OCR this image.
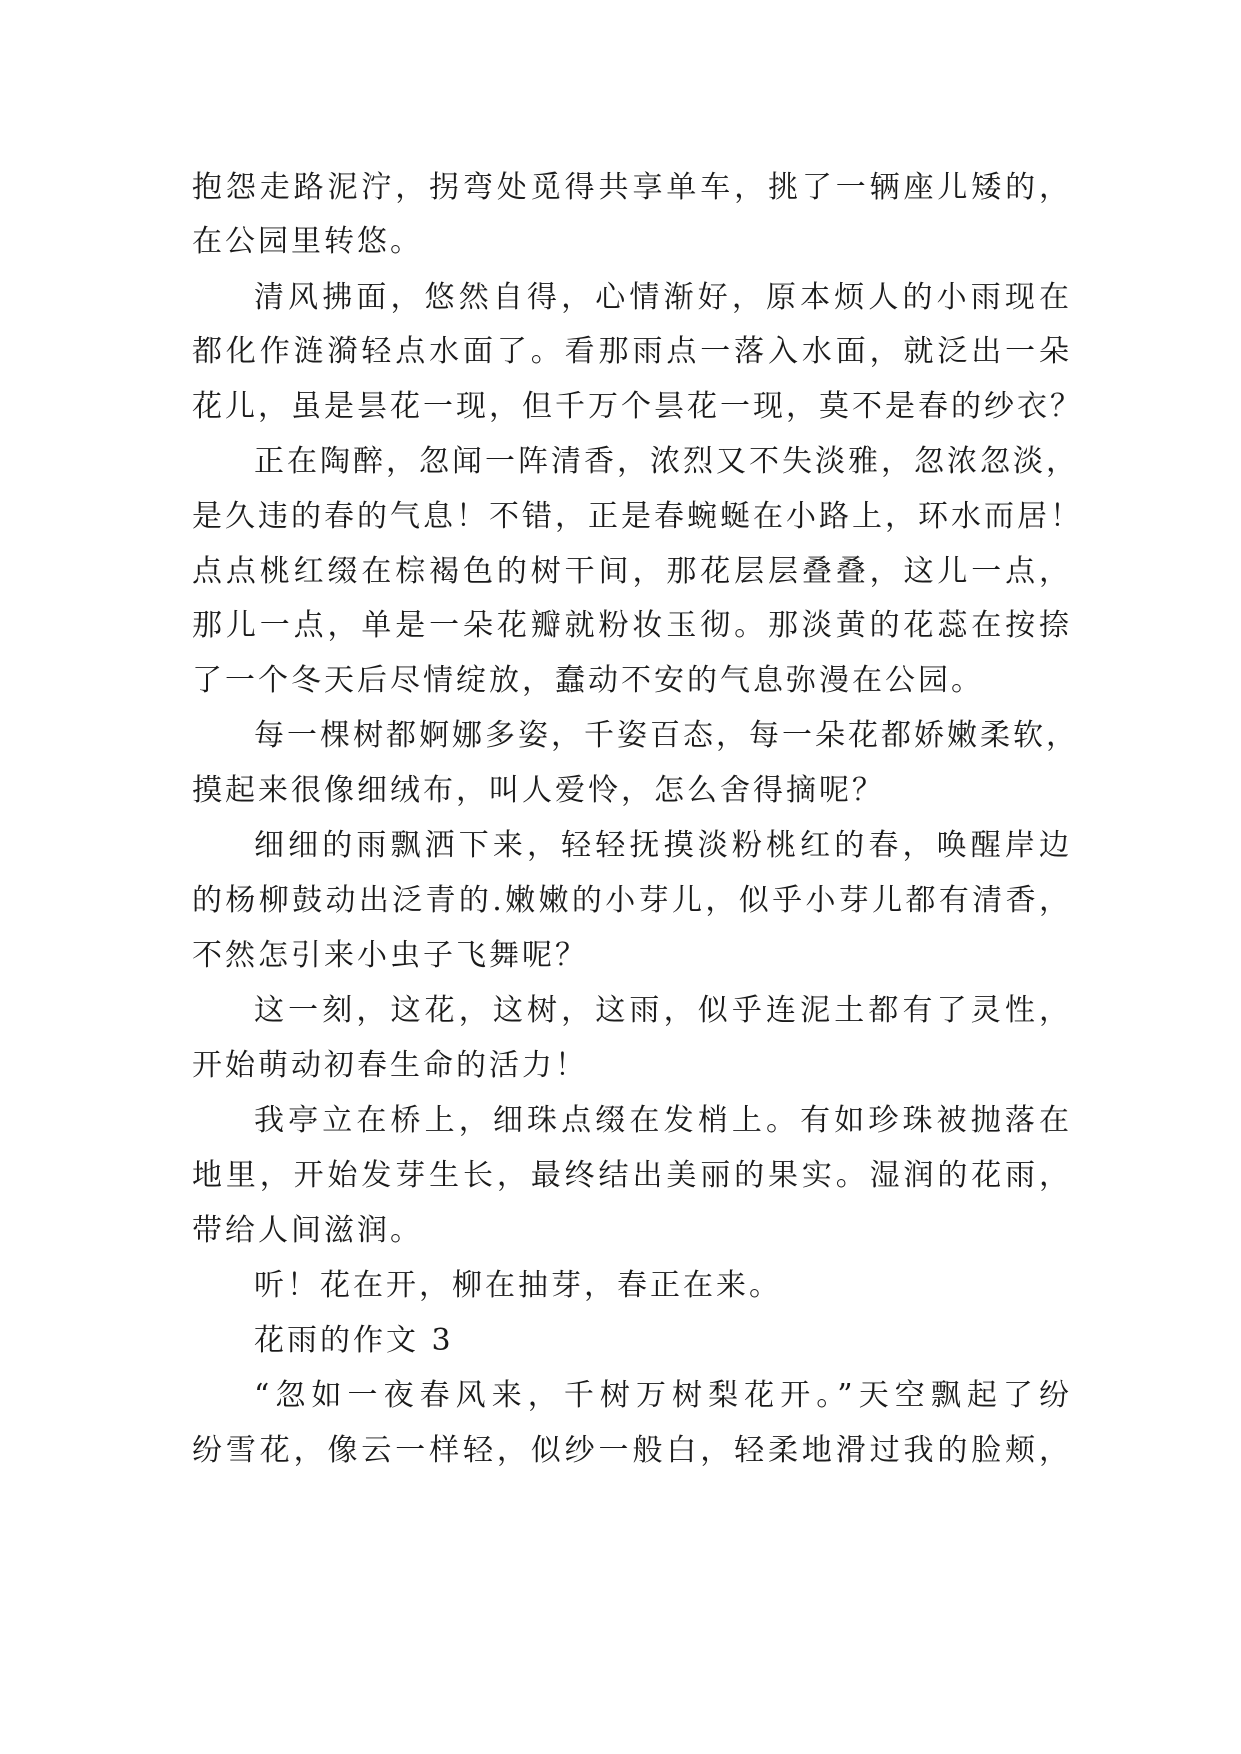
抱怨走路泥泞，拐弯处觅得共享单车，挑了一辆座儿矮的，
在公园里转悠。
清风拂面，悠然自得，心情渐好，原本烦人的小雨现在
都化作涟漪轻点水面了。看那雨点一落入水面，就泛出一朵
花儿，虽是昙花一现，但千万个昙花一现，莫不是春的纱衣？
正在陶醉，忽闻一阵清香，浓烈又不失淡雅，忽浓忽淡，
是久违的春的气息！不错，正是春蜿蜒在小路上，环水而居！
点点桃红缀在棕褐色的树干间，那花层层叠叠，这儿一点，
那儿一点，单是一朵花瓣就粉妆玉彻。那淡黄的花蕊在按捺
了一个冬天后尽情绽放，蠢动不安的气息弥漫在公园。
每一棵树都婀娜多姿，千姿百态，每一朵花都娇嫩柔软，
摸起来很像细绒布，叫人爱怜，怎么舍得摘呢？
细细的雨飘洒下来，轻轻抚摸淡粉桃红的春，唤醒岸边
的杨柳鼓动出泛青的.嫩嫩的小芽儿，似乎小芽儿都有清香，
不然怎引来小虫子飞舞呢？
这一刻，这花，这树，这雨，似乎连泥土都有了灵性，
开始萌动初春生命的活力！
我亭立在桥上，细珠点缀在发梢上。有如珍珠被抛落在
地里，开始发芽生长，最终结出美丽的果实。湿润的花雨，
带给人间滋润。
听！花在开，柳在抽芽，春正在来。
花雨的作文 3
“忽如一夜春风来，千树万树梨花开。”天空飘起了纷
纷雪花，像云一样轻，似纱一般白，轻柔地滑过我的脸颊，
